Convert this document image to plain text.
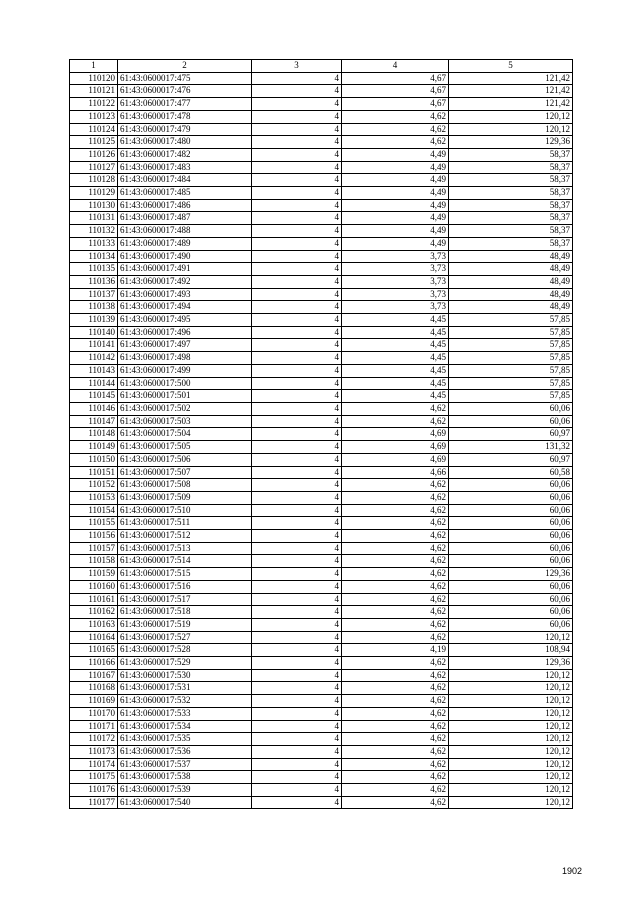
1	2	3	4	5
110120	61:43:0600017:475	4	4,67	121,42
110121	61:43:0600017:476	4	4,67	121,42
110122	61:43:0600017:477	4	4,67	121,42
110123	61:43:0600017:478	4	4,62	120,12
110124	61:43:0600017:479	4	4,62	120,12
110125	61:43:0600017:480	4	4,62	129,36
110126	61:43:0600017:482	4	4,49	58,37
110127	61:43:0600017:483	4	4,49	58,37
110128	61:43:0600017:484	4	4,49	58,37
110129	61:43:0600017:485	4	4,49	58,37
110130	61:43:0600017:486	4	4,49	58,37
110131	61:43:0600017:487	4	4,49	58,37
110132	61:43:0600017:488	4	4,49	58,37
110133	61:43:0600017:489	4	4,49	58,37
110134	61:43:0600017:490	4	3,73	48,49
110135	61:43:0600017:491	4	3,73	48,49
110136	61:43:0600017:492	4	3,73	48,49
110137	61:43:0600017:493	4	3,73	48,49
110138	61:43:0600017:494	4	3,73	48,49
110139	61:43:0600017:495	4	4,45	57,85
110140	61:43:0600017:496	4	4,45	57,85
110141	61:43:0600017:497	4	4,45	57,85
110142	61:43:0600017:498	4	4,45	57,85
110143	61:43:0600017:499	4	4,45	57,85
110144	61:43:0600017:500	4	4,45	57,85
110145	61:43:0600017:501	4	4,45	57,85
110146	61:43:0600017:502	4	4,62	60,06
110147	61:43:0600017:503	4	4,62	60,06
110148	61:43:0600017:504	4	4,69	60,97
110149	61:43:0600017:505	4	4,69	131,32
110150	61:43:0600017:506	4	4,69	60,97
110151	61:43:0600017:507	4	4,66	60,58
110152	61:43:0600017:508	4	4,62	60,06
110153	61:43:0600017:509	4	4,62	60,06
110154	61:43:0600017:510	4	4,62	60,06
110155	61:43:0600017:511	4	4,62	60,06
110156	61:43:0600017:512	4	4,62	60,06
110157	61:43:0600017:513	4	4,62	60,06
110158	61:43:0600017:514	4	4,62	60,06
110159	61:43:0600017:515	4	4,62	129,36
110160	61:43:0600017:516	4	4,62	60,06
110161	61:43:0600017:517	4	4,62	60,06
110162	61:43:0600017:518	4	4,62	60,06
110163	61:43:0600017:519	4	4,62	60,06
110164	61:43:0600017:527	4	4,62	120,12
110165	61:43:0600017:528	4	4,19	108,94
110166	61:43:0600017:529	4	4,62	129,36
110167	61:43:0600017:530	4	4,62	120,12
110168	61:43:0600017:531	4	4,62	120,12
110169	61:43:0600017:532	4	4,62	120,12
110170	61:43:0600017:533	4	4,62	120,12
110171	61:43:0600017:534	4	4,62	120,12
110172	61:43:0600017:535	4	4,62	120,12
110173	61:43:0600017:536	4	4,62	120,12
110174	61:43:0600017:537	4	4,62	120,12
110175	61:43:0600017:538	4	4,62	120,12
110176	61:43:0600017:539	4	4,62	120,12
110177	61:43:0600017:540	4	4,62	120,12
1902
